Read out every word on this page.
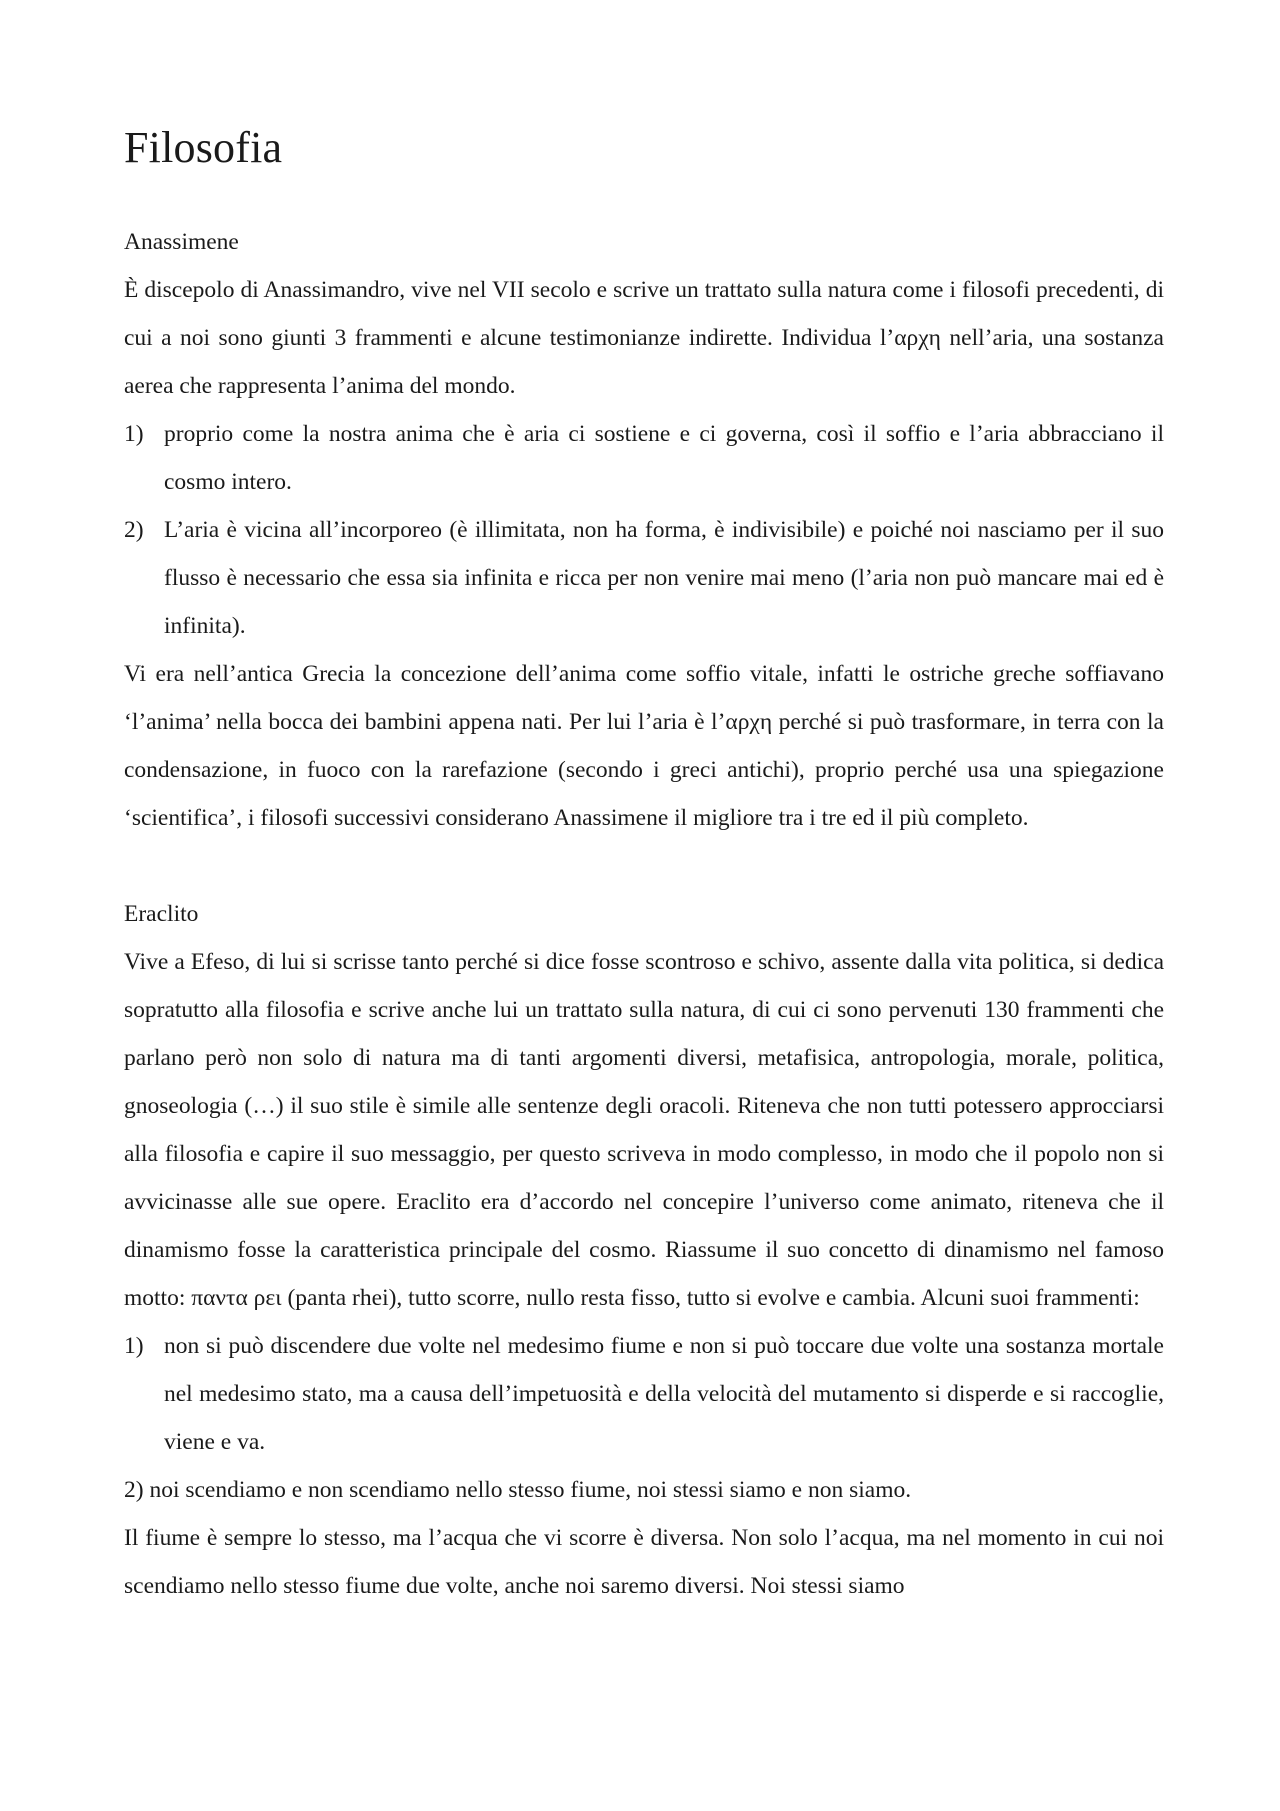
Filosofia
Anassimene

È discepolo di Anassimandro, vive nel VII secolo e scrive un trattato sulla natura come i filosofi precedenti, di cui a noi sono giunti 3 frammenti e alcune testimonianze indirette. Individua l’αρχη nell’aria, una sostanza aerea che rappresenta l’anima del mondo.

1) proprio come la nostra anima che è aria ci sostiene e ci governa, così il soffio e l’aria abbracciano il cosmo intero.
2) L’aria è vicina all’incorporeo (è illimitata, non ha forma, è indivisibile) e poiché noi nasciamo per il suo flusso è necessario che essa sia infinita e ricca per non venire mai meno (l’aria non può mancare mai ed è infinita).

Vi era nell’antica Grecia la concezione dell’anima come soffio vitale, infatti le ostriche greche soffiavano ‘l’anima’ nella bocca dei bambini appena nati. Per lui l’aria è l’αρχη perché si può trasformare, in terra con la condensazione, in fuoco con la rarefazione (secondo i greci antichi), proprio perché usa una spiegazione ‘scientifica’, i filosofi successivi considerano Anassimene il migliore tra i tre ed il più completo.

Eraclito

Vive a Efeso, di lui si scrisse tanto perché si dice fosse scontroso e schivo, assente dalla vita politica, si dedica sopratutto alla filosofia e scrive anche lui un trattato sulla natura, di cui ci sono pervenuti 130 frammenti che parlano però non solo di natura ma di tanti argomenti diversi, metafisica, antropologia, morale, politica, gnoseologia (…) il suo stile è simile alle sentenze degli oracoli. Riteneva che non tutti potessero approcciarsi alla filosofia e capire il suo messaggio, per questo scriveva in modo complesso, in modo che il popolo non si avvicinasse alle sue opere. Eraclito era d’accordo nel concepire l’universo come animato, riteneva che il dinamismo fosse la caratteristica principale del cosmo. Riassume il suo concetto di dinamismo nel famoso motto: παντα ρει (panta rhei), tutto scorre, nullo resta fisso, tutto si evolve e cambia. Alcuni suoi frammenti:

1) non si può discendere due volte nel medesimo fiume e non si può toccare due volte una sostanza mortale nel medesimo stato, ma a causa dell’impetuosità e della velocità del mutamento si disperde e si raccoglie, viene e va.

2) noi scendiamo e non scendiamo nello stesso fiume, noi stessi siamo e non siamo.

Il fiume è sempre lo stesso, ma l’acqua che vi scorre è diversa. Non solo l’acqua, ma nel momento in cui noi scendiamo nello stesso fiume due volte, anche noi saremo diversi. Noi stessi siamo
